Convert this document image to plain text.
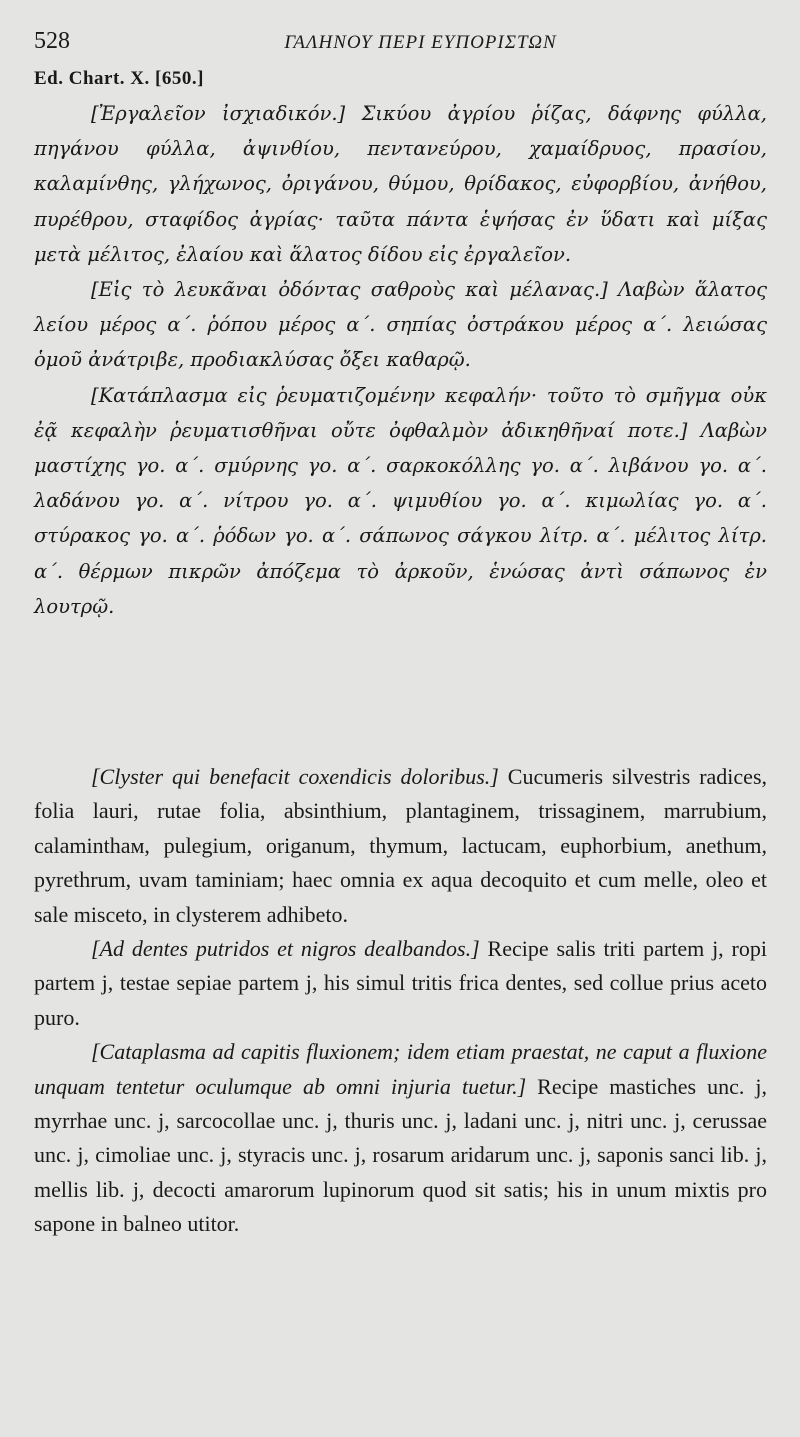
528	ΓΑΛΗΝΟΥ ΠΕΡΙ ΕΥΠΟΡΙΣΤΩΝ
Ed. Chart. X. [650.]

[Ἐργαλεῖον ἰσχιαδικόν.] Σικύου ἀγρίου ῥίζας, δάφνης φύλλα, πηγάνου φύλλα, ἀψινθίου, πεντανεύρου, χαμαίδρυος, πρασίου, καλαμίνθης, γλήχωνος, ὀριγάνου, θύμου, θρίδακος, εὐφορβίου, ἀνήθου, πυρέθρου, σταφίδος ἀγρίας· ταῦτα πάντα ἑψήσας ἐν ὕδατι καὶ μίξας μετὰ μέλιτος, ἐλαίου καὶ ἅλατος δίδου εἰς ἐργαλεῖον.

[Εἰς τὸ λευκᾶναι ὀδόντας σαθροὺς καὶ μέλανας.] Λαβὼν ἅλατος λείου μέρος α΄. ῥόπου μέρος α΄. σηπίας ὀστράκου μέρος α΄. λειώσας ὁμοῦ ἀνάτριβε, προδιακλύσας ὄξει καθαρῷ.

[Κατάπλασμα εἰς ῥευματιζομένην κεφαλήν· τοῦτο τὸ σμῆγμα οὐκ ἐᾷ κεφαλὴν ῥευματισθῆναι οὔτε ὀφθαλμὸν ἀδικηθῆναί ποτε.] Λαβὼν μαστίχης γο. α΄. σμύρνης γο. α΄. σαρκοκόλλης γο. α΄. λιβάνου γο. α΄. λαδάνου γο. α΄. νίτρου γο. α΄. ψιμυθίου γο. α΄. κιμωλίας γο. α΄. στύρακος γο. α΄. ῥόδων γο. α΄. σάπωνος σάγκου λίτρ. α΄. μέλιτος λίτρ. α΄. θέρμων πικρῶν ἀπόζεμα τὸ ἀρκοῦν, ἑνώσας ἀντὶ σάπωνος ἐν λουτρῷ.

[Clyster qui benefacit coxendicis doloribus.] Cucumeris silvestris radices, folia lauri, rutae folia, absinthium, plantaginem, trissaginem, marrubium, calaminthам, pulegium, origanum, thymum, lactucam, euphorbium, anethum, pyrethrum, uvam taminiam; haec omnia ex aqua decoquito et cum melle, oleo et sale misceto, in clysterem adhibeto.

[Ad dentes putridos et nigros dealbandos.] Recipe salis triti partem j, ropi partem j, testae sepiae partem j, his simul tritis frica dentes, sed collue prius aceto puro.

[Cataplasma ad capitis fluxionem; idem etiam praestat, ne caput a fluxione unquam tentetur oculumque ab omni injuria tuetur.] Recipe mastiches unc. j, myrrhae unc. j, sarcocollae unc. j, thuris unc. j, ladani unc. j, nitri unc. j, cerussae unc. j, cimoliae unc. j, styracis unc. j, rosarum aridarum unc. j, saponis sanci lib. j, mellis lib. j, decocti amarorum lupinorum quod sit satis; his in unum mixtis pro sapone in balneo utitor.
